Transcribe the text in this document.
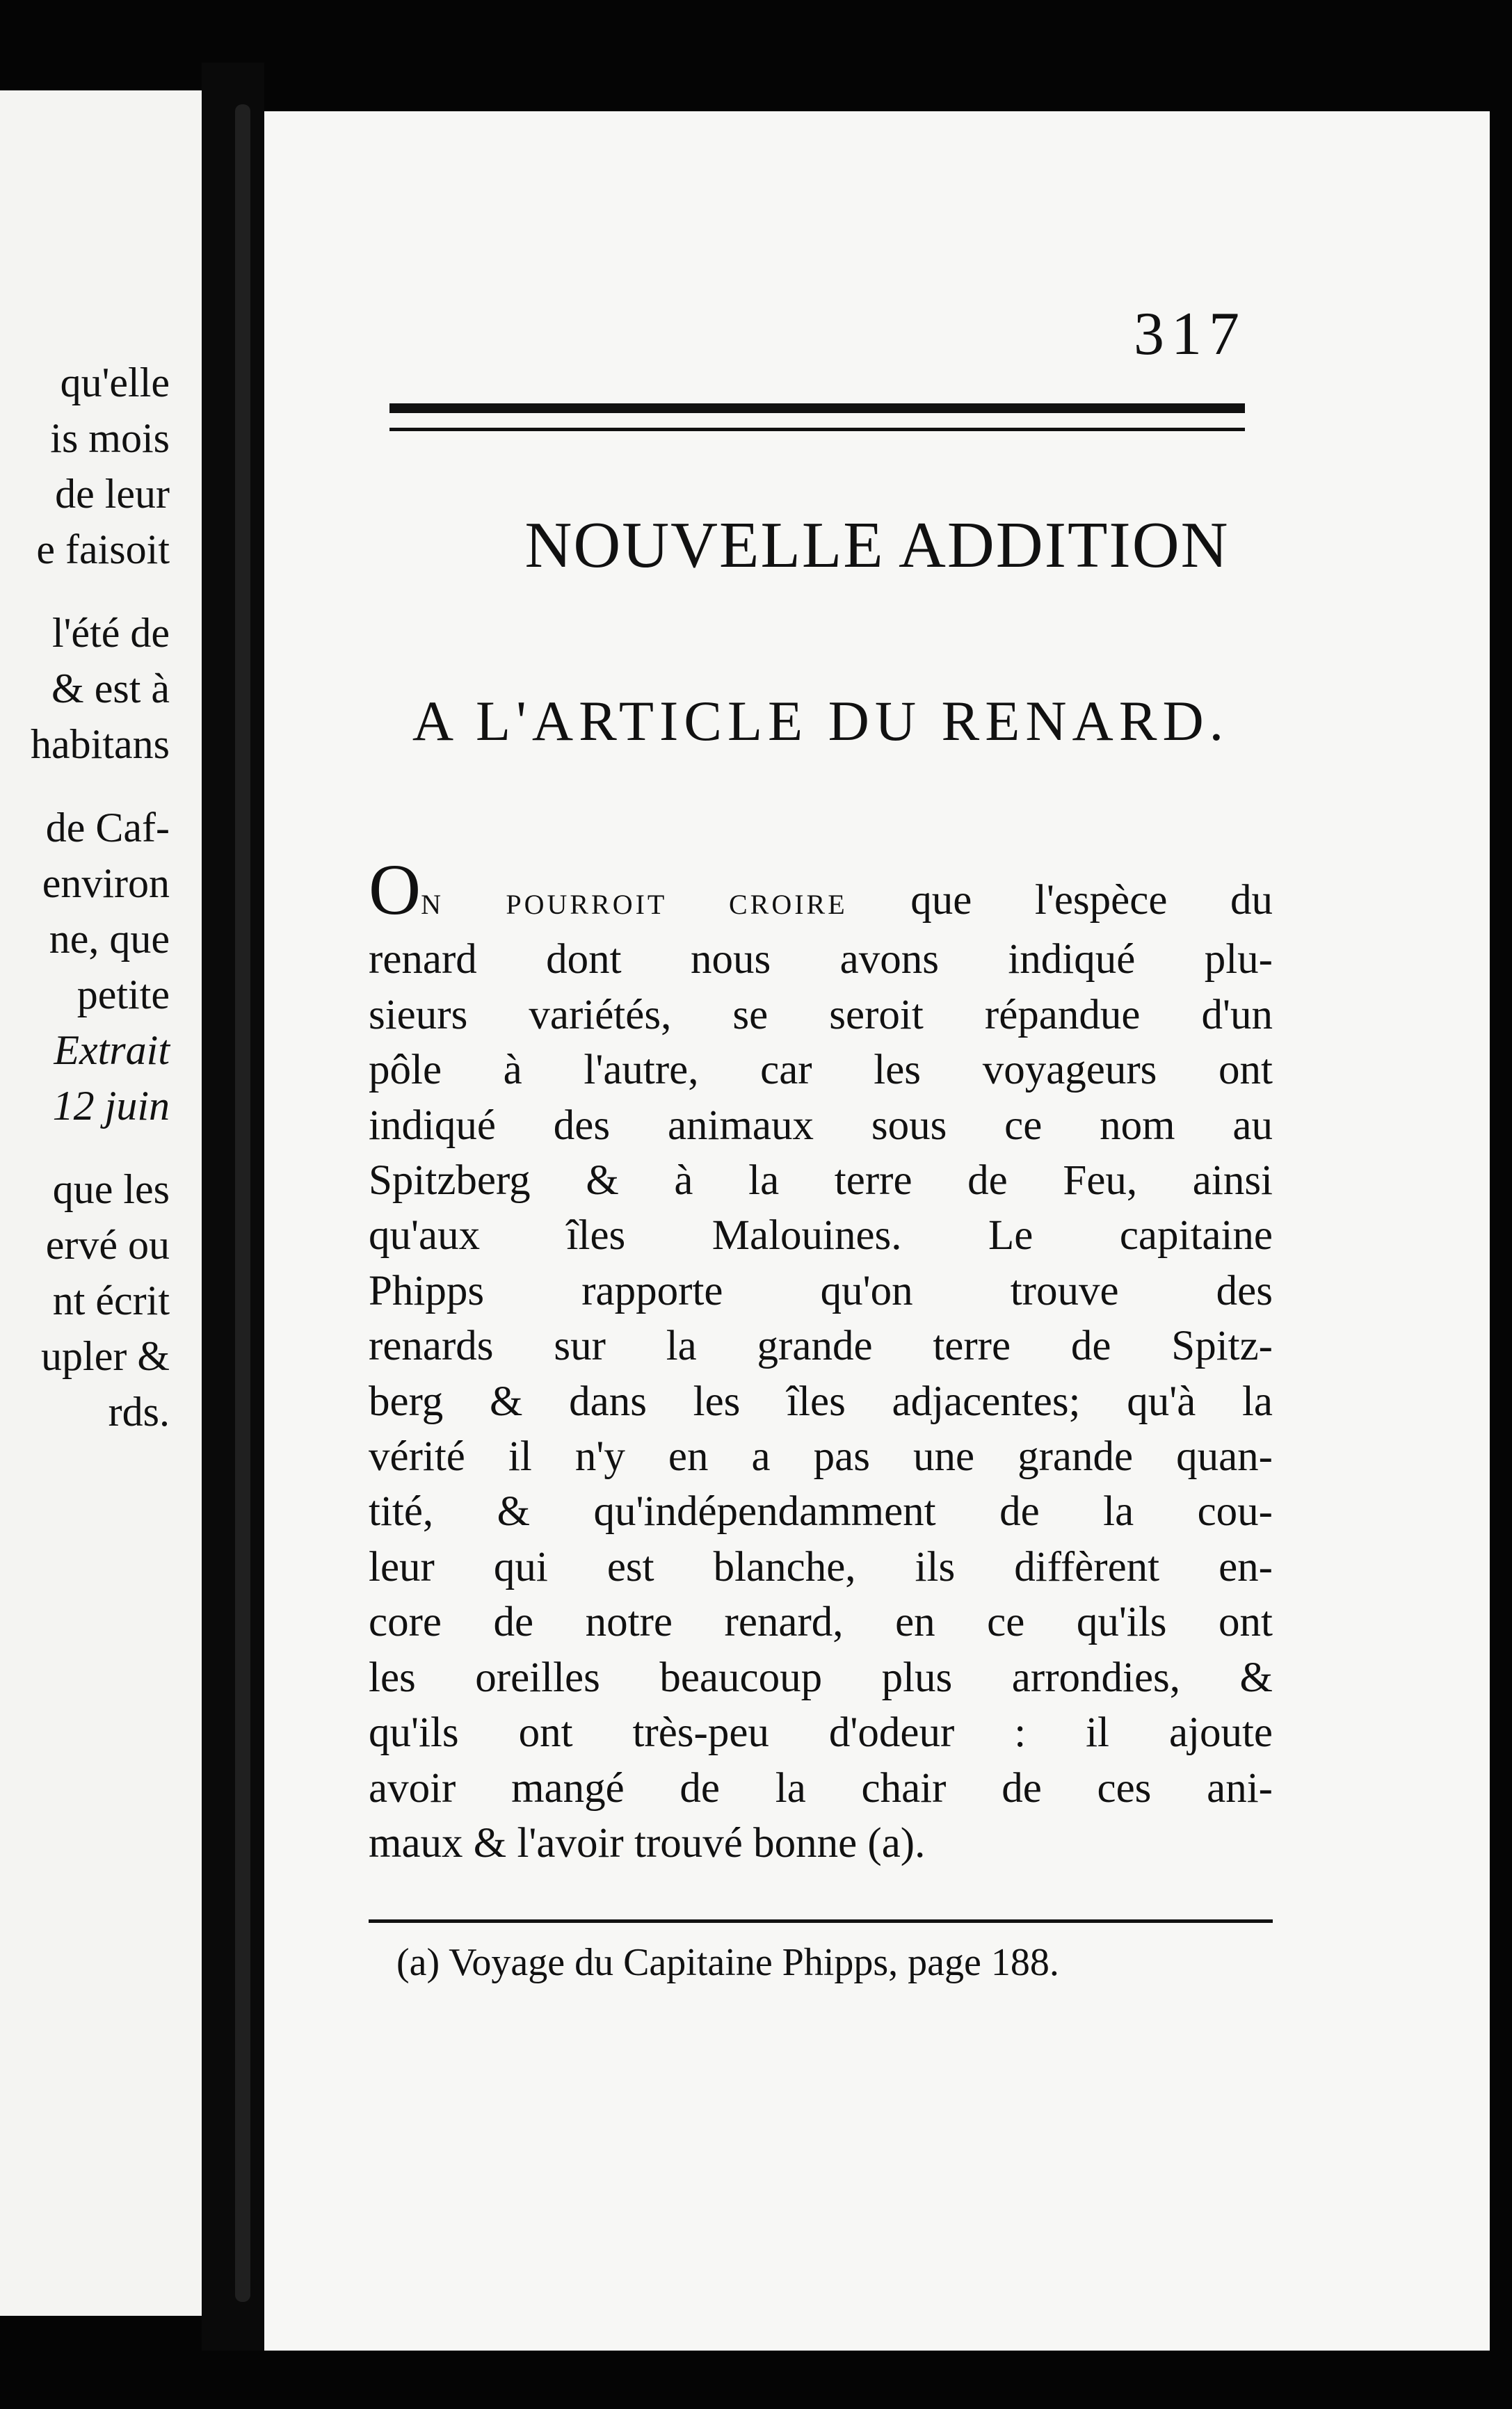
qu'elle
is mois
de leur
e faisoit
l'été de
& est à
habitans
de Caf-
environ
ne, que
petite
Extrait
12 juin
que les
ervé ou
nt écrit
upler &
rds.
317
NOUVELLE ADDITION
A L'ARTICLE DU RENARD.
ON POURROIT CROIRE que l'espèce du
renard dont nous avons indiqué plu-
sieurs variétés, se seroit répandue d'un
pôle à l'autre, car les voyageurs ont
indiqué des animaux sous ce nom au
Spitzberg & à la terre de Feu, ainsi
qu'aux îles Malouines. Le capitaine
Phipps rapporte qu'on trouve des
renards sur la grande terre de Spitz-
berg & dans les îles adjacentes; qu'à la
vérité il n'y en a pas une grande quan-
tité, & qu'indépendamment de la cou-
leur qui est blanche, ils diffèrent en-
core de notre renard, en ce qu'ils ont
les oreilles beaucoup plus arrondies, &
qu'ils ont très-peu d'odeur : il ajoute
avoir mangé de la chair de ces ani-
maux & l'avoir trouvé bonne (a).
(a) Voyage du Capitaine Phipps, page 188.
